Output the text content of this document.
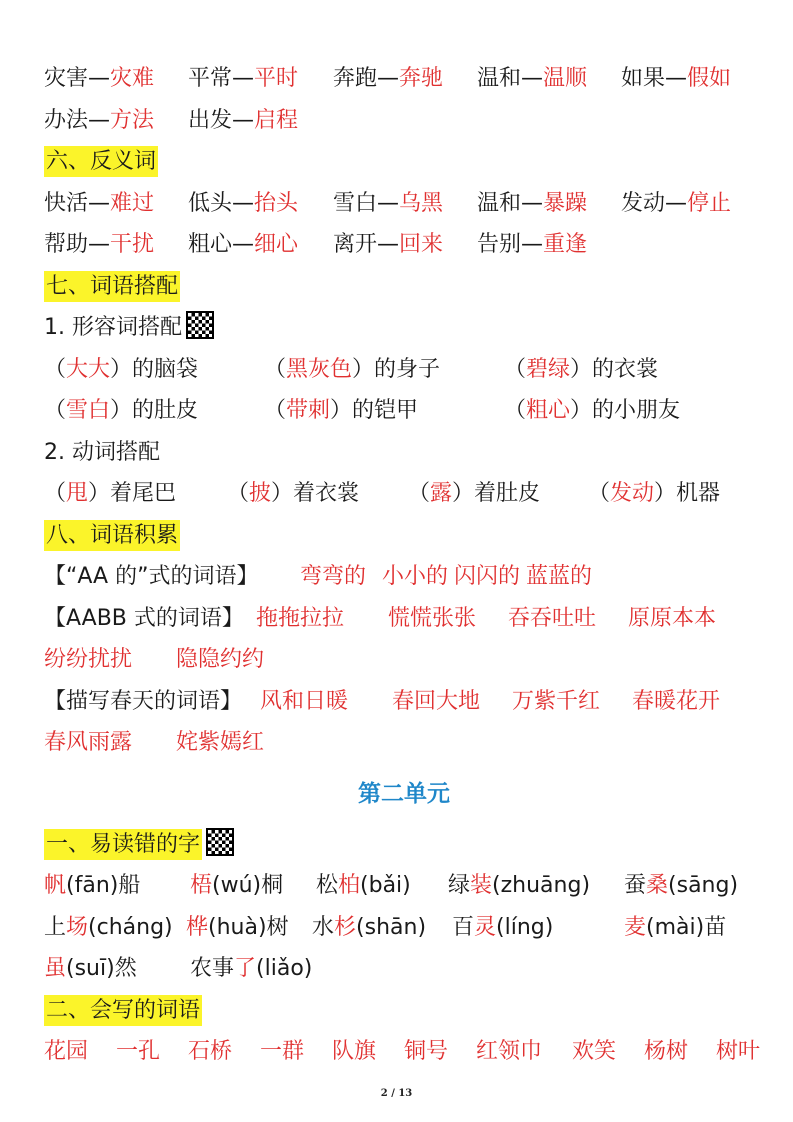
灾害—灾难 平常—平时 奔跑—奔驰 温和—温顺 如果—假如
办法—方法 出发—启程
六、反义词
快活—难过 低头—抬头 雪白—乌黑 温和—暴躁 发动—停止
帮助—干扰 粗心—细心 离开—回来 告别—重逢
七、词语搭配
1. 形容词搭配
（大大）的脑袋	（黑灰色）的身子	（碧绿）的衣裳
（雪白）的肚皮	（带刺）的铠甲	（粗心）的小朋友
2. 动词搭配
（甩）着尾巴 （披）着衣裳 （露）着肚皮 （发动）机器
八、词语积累
【“AA 的”式的词语】 弯弯的 小小的 闪闪的 蓝蓝的
【AABB 式的词语】 拖拖拉拉 慌慌张张 吞吞吐吐 原原本本
纷纷扰扰 隐隐约约
【描写春天的词语】 风和日暖 春回大地 万紫千红 春暖花开
春风雨露 姹紫嫣红
第二单元
一、易读错的字
帆(fān)船 梧(wú)桐 松柏(bǎi) 绿装(zhuāng) 蚕桑(sāng)
上场(cháng) 桦(huà)树 水杉(shān) 百灵(líng)	麦(mài)苗
虽(suī)然 农事了(liǎo)
二、会写的词语
花园 一孔 石桥 一群 队旗 铜号 红领巾 欢笑 杨树 树叶
2 / 13
